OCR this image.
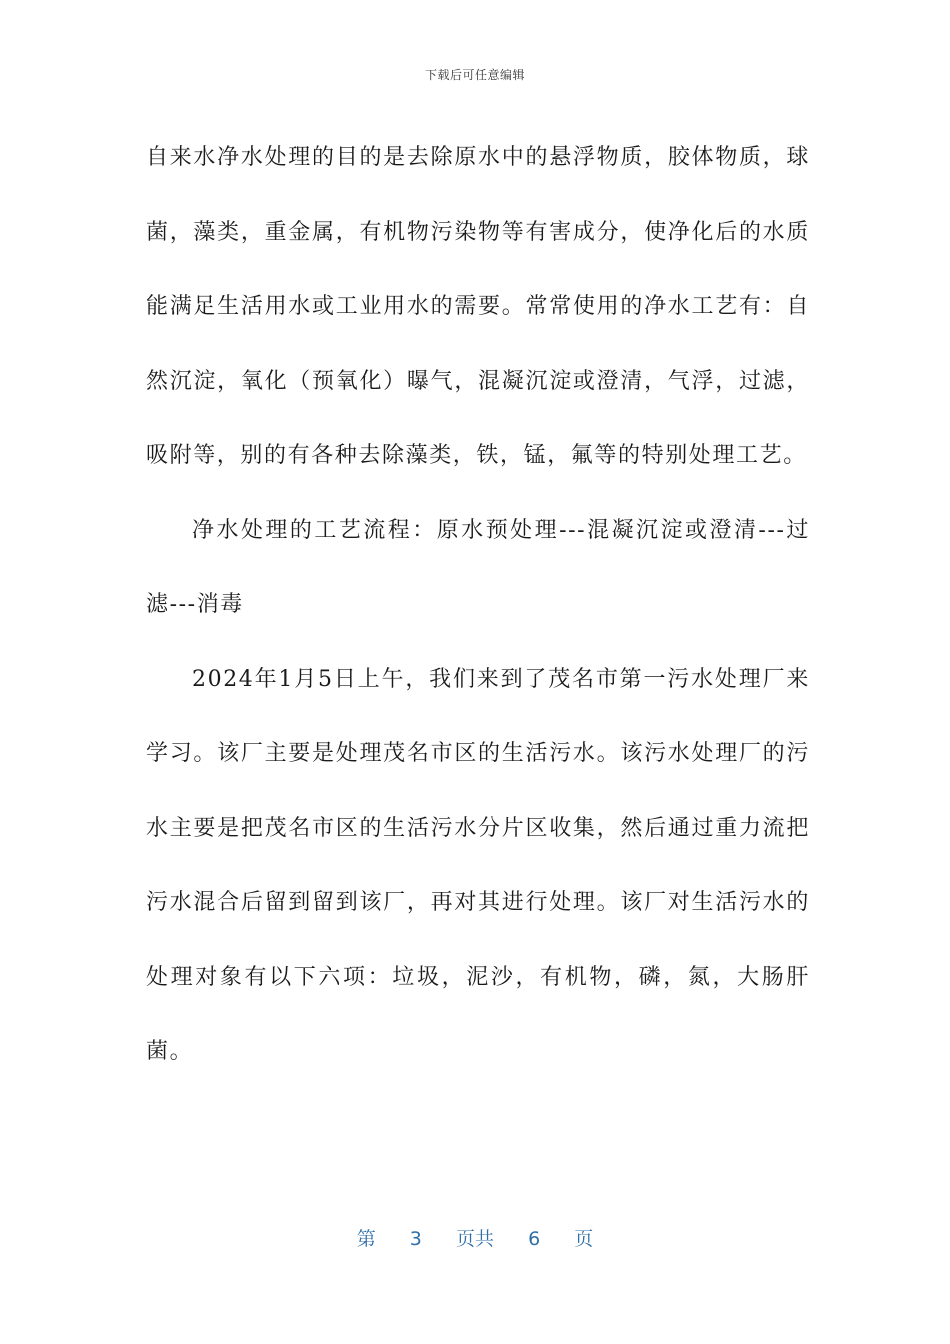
下载后可任意编辑

自来水净水处理的目的是去除原水中的悬浮物质，胶体物质，球菌，藻类，重金属，有机物污染物等有害成分，使净化后的水质能满足生活用水或工业用水的需要。常常使用的净水工艺有：自然沉淀，氧化（预氧化）曝气，混凝沉淀或澄清，气浮，过滤，吸附等，别的有各种去除藻类，铁，锰，氟等的特别处理工艺。

净水处理的工艺流程：原水预处理---混凝沉淀或澄清---过滤---消毒

2024年1月5日上午，我们来到了茂名市第一污水处理厂来学习。该厂主要是处理茂名市区的生活污水。该污水处理厂的污水主要是把茂名市区的生活污水分片区收集，然后通过重力流把污水混合后留到留到该厂，再对其进行处理。该厂对生活污水的处理对象有以下六项：垃圾，泥沙，有机物，磷，氮，大肠肝菌。

第 3 页共 6 页
